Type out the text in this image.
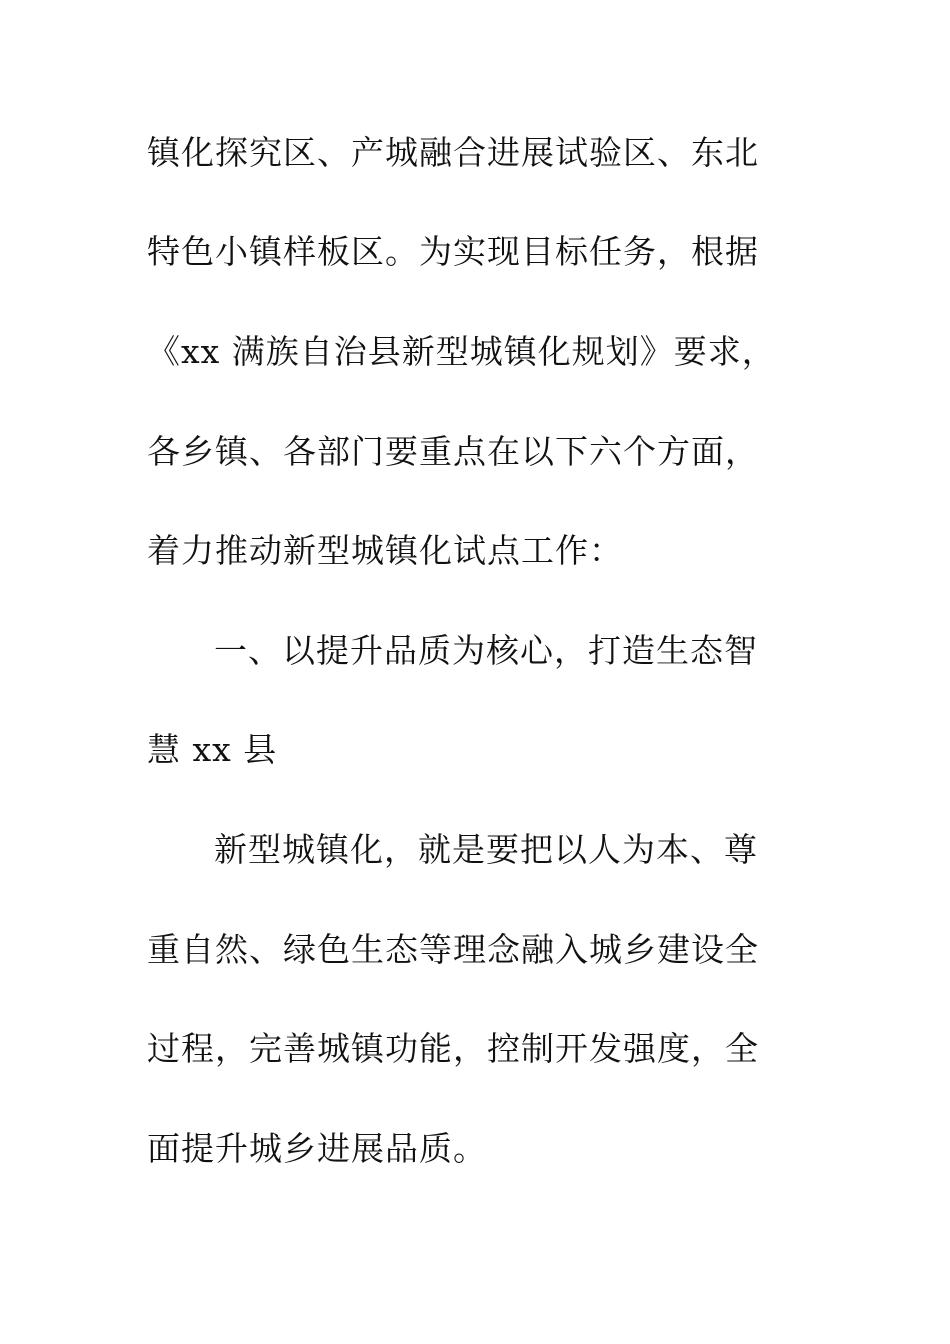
镇化探究区、产城融合进展试验区、东北
特色小镇样板区。为实现目标任务，根据
《xx 满族自治县新型城镇化规划》要求，
各乡镇、各部门要重点在以下六个方面，
着力推动新型城镇化试点工作：
一、以提升品质为核心，打造生态智
慧 xx 县
新型城镇化，就是要把以人为本、尊
重自然、绿色生态等理念融入城乡建设全
过程，完善城镇功能，控制开发强度，全
面提升城乡进展品质。
